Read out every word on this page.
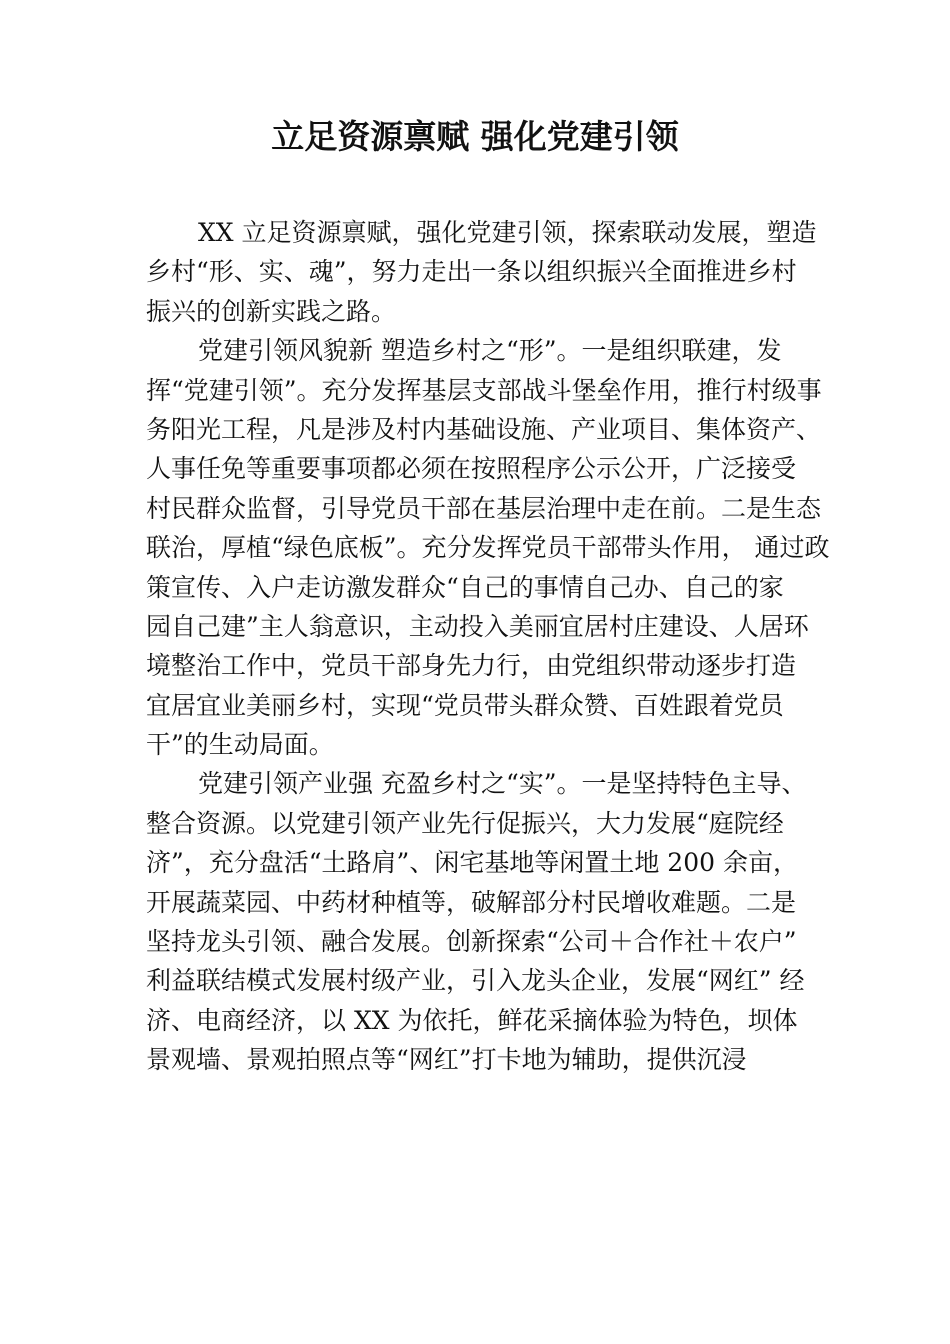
立足资源禀赋 强化党建引领
XX 立足资源禀赋，强化党建引领，探索联动发展，塑造
乡村“形、实、魂”，努力走出一条以组织振兴全面推进乡村
振兴的创新实践之路。
党建引领风貌新 塑造乡村之“形”。一是组织联建，发
挥“党建引领”。充分发挥基层支部战斗堡垒作用，推行村级事
务阳光工程，凡是涉及村内基础设施、产业项目、集体资产、
人事任免等重要事项都必须在按照程序公示公开，广泛接受
村民群众监督，引导党员干部在基层治理中走在前。二是生态
联治，厚植“绿色底板”。充分发挥党员干部带头作用， 通过政
策宣传、入户走访激发群众“自己的事情自己办、自己的家
园自己建”主人翁意识，主动投入美丽宜居村庄建设、人居环
境整治工作中，党员干部身先力行，由党组织带动逐步打造
宜居宜业美丽乡村，实现“党员带头群众赞、百姓跟着党员
干”的生动局面。
党建引领产业强 充盈乡村之“实”。一是坚持特色主导、
整合资源。以党建引领产业先行促振兴，大力发展“庭院经
济”，充分盘活“土路肩”、闲宅基地等闲置土地 200 余亩，
开展蔬菜园、中药材种植等，破解部分村民增收难题。二是
坚持龙头引领、融合发展。创新探索“公司＋合作社＋农户”
利益联结模式发展村级产业，引入龙头企业，发展“网红” 经
济、电商经济，以 XX 为依托，鲜花采摘体验为特色，坝体
景观墙、景观拍照点等“网红”打卡地为辅助，提供沉浸
